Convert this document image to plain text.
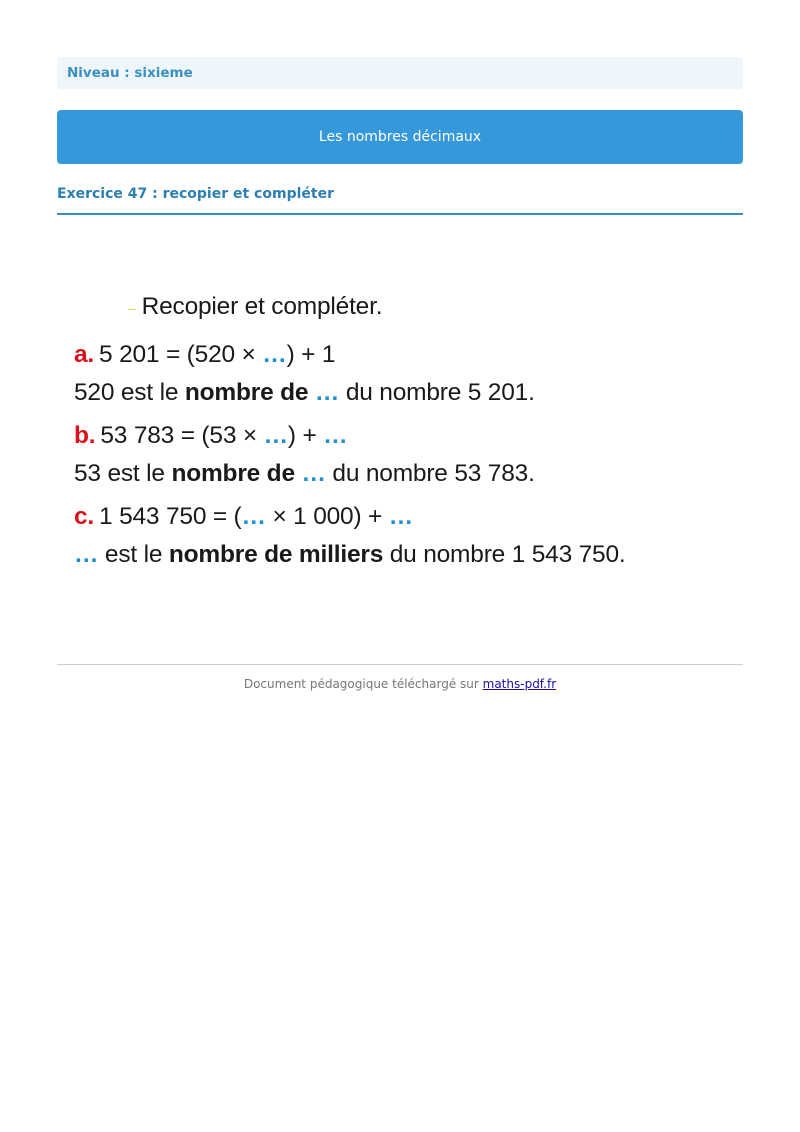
Niveau : sixieme
Les nombres décimaux
Exercice 47 : recopier et compléter
– Recopier et compléter.
a. 5 201 = (520 × …) + 1
520 est le nombre de … du nombre 5 201.
b. 53 783 = (53 × …) + …
53 est le nombre de … du nombre 53 783.
c. 1 543 750 = (… × 1 000) + …
… est le nombre de milliers du nombre 1 543 750.
Document pédagogique téléchargé sur maths-pdf.fr
